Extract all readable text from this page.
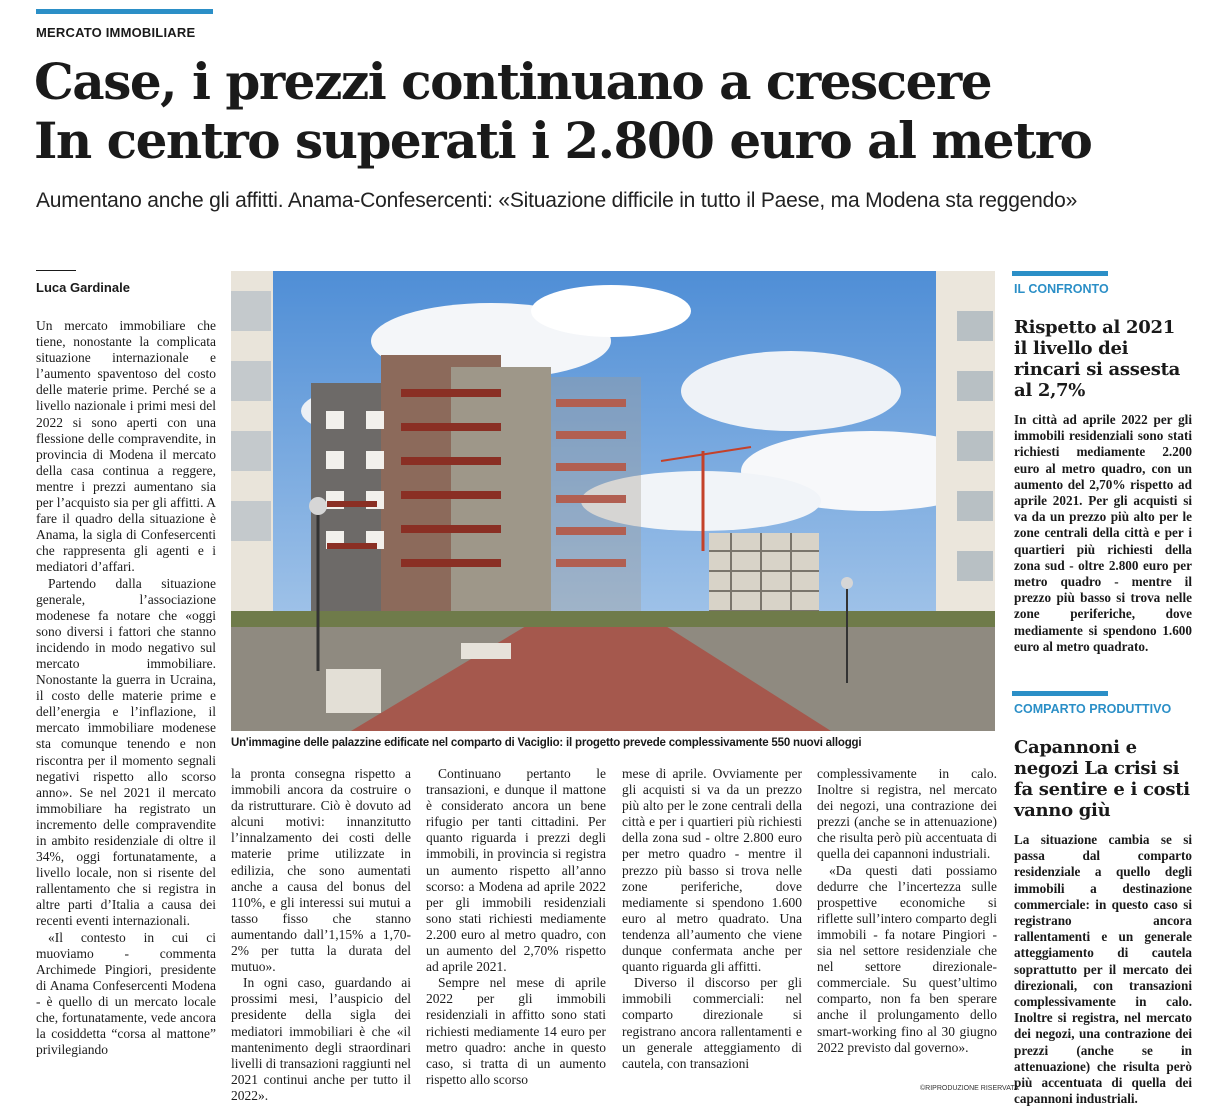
MERCATO IMMOBILIARE
Case, i prezzi continuano a crescere
In centro superati i 2.800 euro al metro
Aumentano anche gli affitti. Anama-Confesercenti: «Situazione difficile in tutto il Paese, ma Modena sta reggendo»
Luca Gardinale

Un mercato immobiliare che tiene, nonostante la complicata situazione internazionale e l’aumento spaventoso del costo delle materie prime. Perché se a livello nazionale i primi mesi del 2022 si sono aperti con una flessione delle compravendite, in provincia di Modena il mercato della casa continua a reggere, mentre i prezzi aumentano sia per l’acquisto sia per gli affitti. A fare il quadro della situazione è Anama, la sigla di Confesercenti che rappresenta gli agenti e i mediatori d’affari.

Partendo dalla situazione generale, l’associazione modenese fa notare che «oggi sono diversi i fattori che stanno incidendo in modo negativo sul mercato immobiliare. Nonostante la guerra in Ucraina, il costo delle materie prime e dell’energia e l’inflazione, il mercato immobiliare modenese sta comunque tenendo e non riscontra per il momento segnali negativi rispetto allo scorso anno». Se nel 2021 il mercato immobiliare ha registrato un incremento delle compravendite in ambito residenziale di oltre il 34%, oggi fortunatamente, a livello locale, non si risente del rallentamento che si registra in altre parti d’Italia a causa dei recenti eventi internazionali.

«Il contesto in cui ci muoviamo - commenta Archimede Pingiori, presidente di Anama Confesercenti Modena - è quello di un mercato locale che, fortunatamente, vede ancora la cosiddetta “corsa al mattone” privilegiando

Un'immagine delle palazzine edificate nel comparto di Vaciglio: il progetto prevede complessivamente 550 nuovi alloggi

la pronta consegna rispetto a immobili ancora da costruire o da ristrutturare. Ciò è dovuto ad alcuni motivi: innanzitutto l’innalzamento dei costi delle materie prime utilizzate in edilizia, che sono aumentati anche a causa del bonus del 110%, e gli interessi sui mutui a tasso fisso che stanno aumentando dall’1,15% a 1,70-2% per tutta la durata del mutuo».

In ogni caso, guardando ai prossimi mesi, l’auspicio del presidente della sigla dei mediatori immobiliari è che «il mantenimento degli straordinari livelli di transazioni raggiunti nel 2021 continui anche per tutto il 2022».

Continuano pertanto le transazioni, e dunque il mattone è considerato ancora un bene rifugio per tanti cittadini. Per quanto riguarda i prezzi degli immobili, in provincia si registra un aumento rispetto all’anno scorso: a Modena ad aprile 2022 per gli immobili residenziali sono stati richiesti mediamente 2.200 euro al metro quadro, con un aumento del 2,70% rispetto ad aprile 2021.

Sempre nel mese di aprile 2022 per gli immobili residenziali in affitto sono stati richiesti mediamente 14 euro per metro quadro: anche in questo caso, si tratta di un aumento rispetto allo scorso

mese di aprile. Ovviamente per gli acquisti si va da un prezzo più alto per le zone centrali della città e per i quartieri più richiesti della zona sud - oltre 2.800 euro per metro quadro - mentre il prezzo più basso si trova nelle zone periferiche, dove mediamente si spendono 1.600 euro al metro quadrato. Una tendenza all’aumento che viene dunque confermata anche per quanto riguarda gli affitti.

Diverso il discorso per gli immobili commerciali: nel comparto direzionale si registrano ancora rallentamenti e un generale atteggiamento di cautela, con transazioni

complessivamente in calo. Inoltre si registra, nel mercato dei negozi, una contrazione dei prezzi (anche se in attenuazione) che risulta però più accentuata di quella dei capannoni industriali.

«Da questi dati possiamo dedurre che l’incertezza sulle prospettive economiche si riflette sull’intero comparto degli immobili - fa notare Pingiori - sia nel settore residenziale che nel settore direzionale-commerciale. Su quest’ultimo comparto, non fa ben sperare anche il prolungamento dello smart-working fino al 30 giugno 2022 previsto dal governo».

©RIPRODUZIONE RISERVATA
IL CONFRONTO
Rispetto al 2021 il livello dei rincari si assesta al 2,7%
In città ad aprile 2022 per gli immobili residenziali sono stati richiesti mediamente 2.200 euro al metro quadro, con un aumento del 2,70% rispetto ad aprile 2021. Per gli acquisti si va da un prezzo più alto per le zone centrali della città e per i quartieri più richiesti della zona sud - oltre 2.800 euro per metro quadro - mentre il prezzo più basso si trova nelle zone periferiche, dove mediamente si spendono 1.600 euro al metro quadrato.
COMPARTO PRODUTTIVO
Capannoni e negozi La crisi si fa sentire e i costi vanno giù
La situazione cambia se si passa dal comparto residenziale a quello degli immobili a destinazione commerciale: in questo caso si registrano ancora rallentamenti e un generale atteggiamento di cautela soprattutto per il mercato dei direzionali, con transazioni complessivamente in calo. Inoltre si registra, nel mercato dei negozi, una contrazione dei prezzi (anche se in attenuazione) che risulta però più accentuata di quella dei capannoni industriali.
